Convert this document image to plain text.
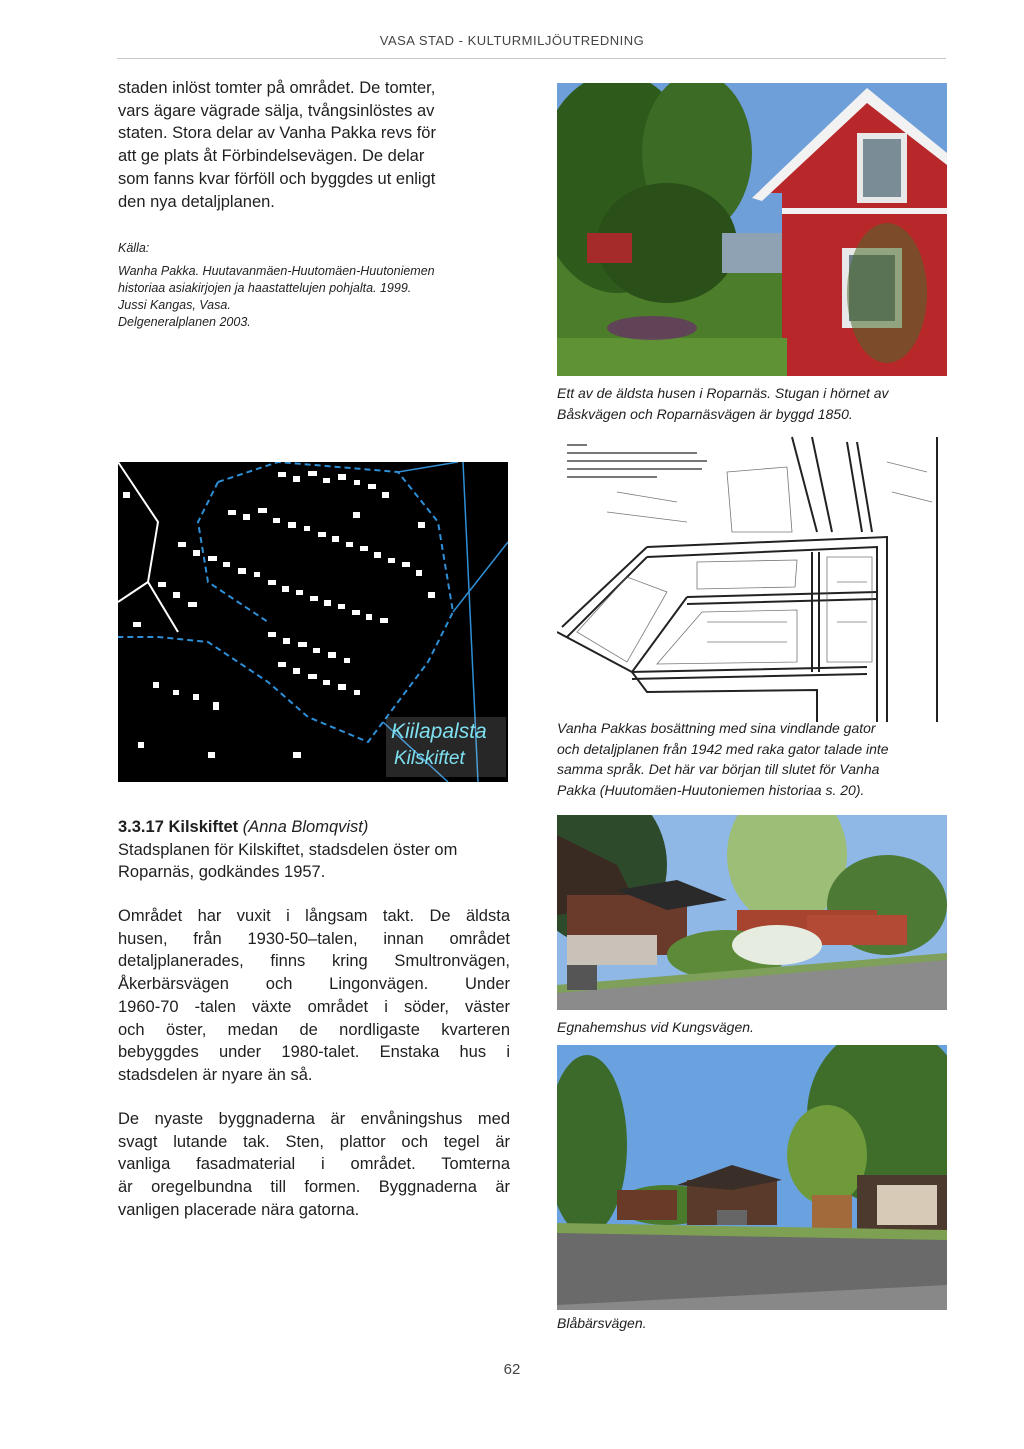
VASA STAD - KULTURMILJÖUTREDNING
staden inlöst tomter på området. De tomter,
vars ägare vägrade sälja, tvångsinlöstes av
staten. Stora delar av Vanha Pakka revs för
att ge plats åt Förbindelsevägen. De delar
som fanns kvar förföll och byggdes ut enligt
den nya detaljplanen.
Källa:
Wanha Pakka. Huutavanmäen-Huutomäen-Huutoniemen
historiaa asiakirjojen ja haastattelujen pohjalta. 1999.
Jussi Kangas, Vasa.
Delgeneralplanen 2003.
Ett av de äldsta husen i Roparnäs. Stugan i hörnet av
Båskvägen och Roparnäsvägen är byggd 1850.
Kiilapalsta
Kilskiftet
Vanha Pakkas bosättning med sina vindlande gator
och detaljplanen från 1942 med raka gator talade inte
samma språk. Det här var början till slutet för Vanha
Pakka (Huutomäen-Huutoniemen historiaa s. 20).
3.3.17 Kilskiftet (Anna Blomqvist)
Stadsplanen för Kilskiftet, stadsdelen öster om
Roparnäs, godkändes 1957.
Området har vuxit i långsam takt. De äldsta
husen, från 1930-50–talen, innan området
detaljplanerades, finns kring Smultronvägen,
Åkerbärsvägen och Lingonvägen. Under
1960-70 -talen växte området i söder, väster
och öster, medan de nordligaste kvarteren
bebyggdes under 1980-talet. Enstaka hus i
stadsdelen är nyare än så.
De nyaste byggnaderna är envåningshus med
svagt lutande tak. Sten, plattor och tegel är
vanliga fasadmaterial i området. Tomterna
är oregelbundna till formen. Byggnaderna är
vanligen placerade nära gatorna.
Egnahemshus vid Kungsvägen.
Blåbärsvägen.
62
